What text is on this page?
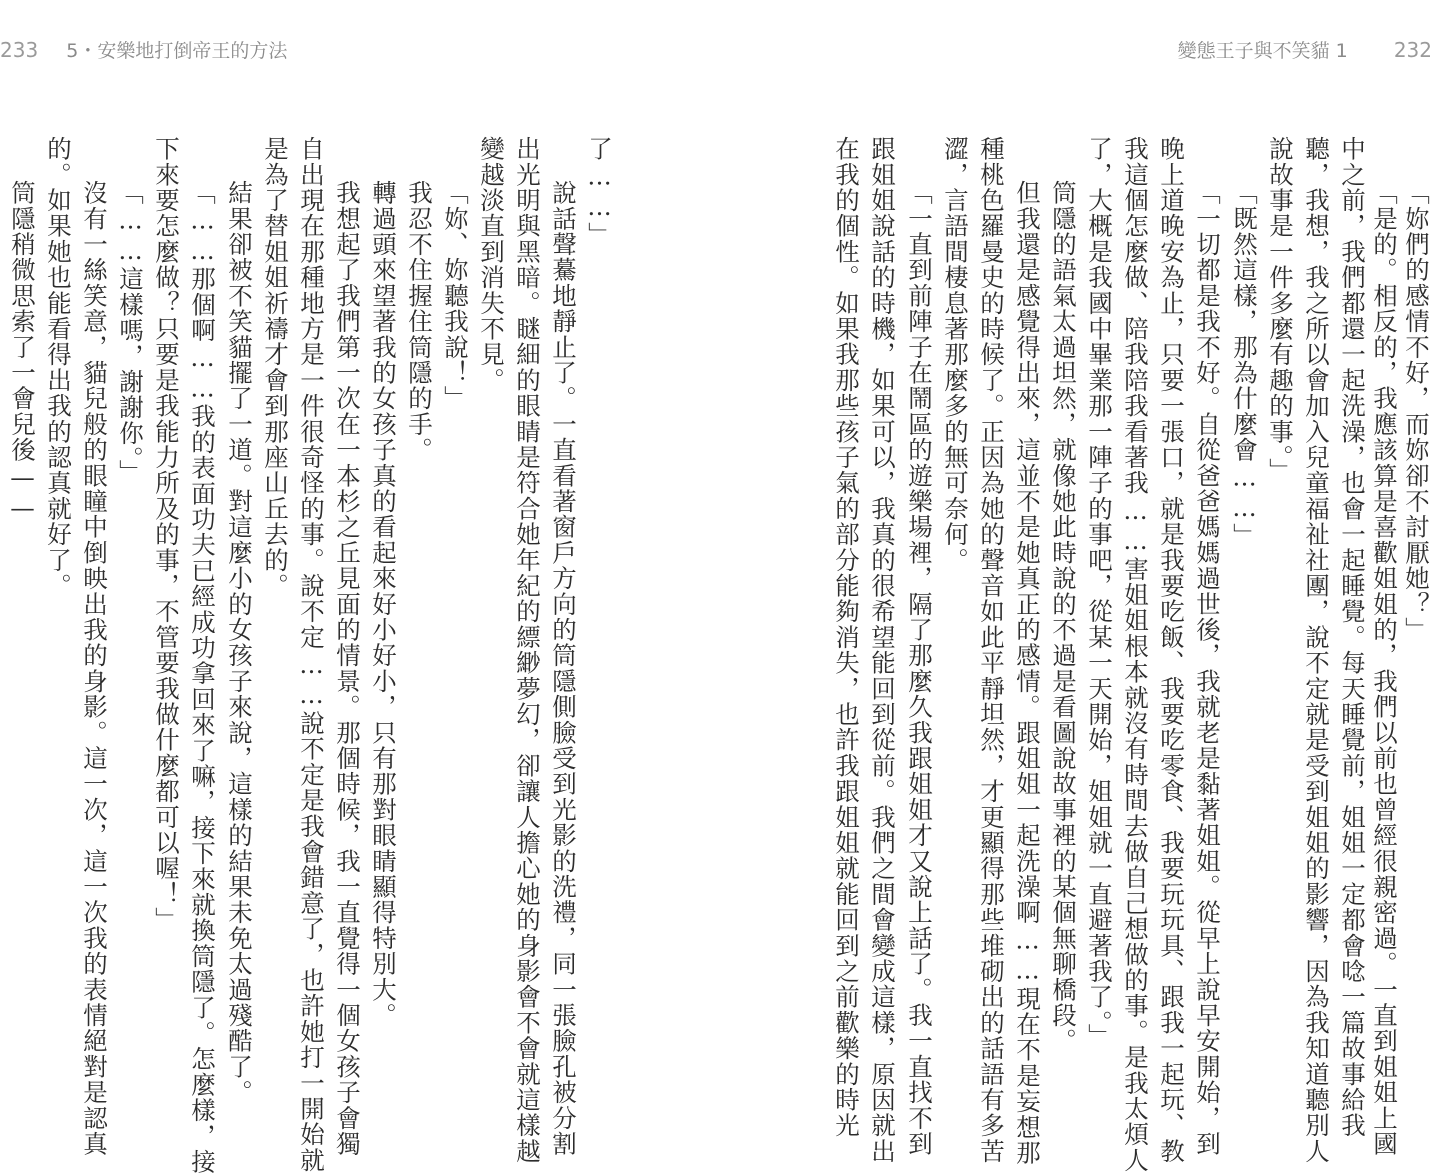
233 5・安樂地打倒帝王的方法	變態王子與不笑貓 1 232
「妳們的感情不好，而妳卻不討厭她？」
「是的。相反的，我應該算是喜歡姐姐的，我們以前也曾經很親密過。一直到姐姐上國
中之前，我們都還一起洗澡，也會一起睡覺。每天睡覺前，姐姐一定都會唸一篇故事給我
聽，我想，我之所以會加入兒童福祉社團，說不定就是受到姐姐的影響，因為我知道聽別人
說故事是一件多麼有趣的事。」
「既然這樣，那為什麼會……」
「一切都是我不好。自從爸爸媽媽過世後，我就老是黏著姐姐。從早上說早安開始，到
晚上道晚安為止，只要一張口，就是我要吃飯、我要吃零食、我要玩玩具、跟我一起玩、教
我這個怎麼做、陪我陪我看著我……害姐姐根本就沒有時間去做自己想做的事。是我太煩人
了，大概是我國中畢業那一陣子的事吧，從某一天開始，姐姐就一直避著我了。」
筒隱的語氣太過坦然，就像她此時說的不過是看圖說故事裡的某個無聊橋段。
但我還是感覺得出來，這並不是她真正的感情。跟姐姐一起洗澡啊……現在不是妄想那
種桃色羅曼史的時候了。正因為她的聲音如此平靜坦然，才更顯得那些堆砌出的話語有多苦
澀，言語間棲息著那麼多的無可奈何。
「一直到前陣子在鬧區的遊樂場裡，隔了那麼久我跟姐姐才又說上話了。我一直找不到
跟姐姐說話的時機，如果可以，我真的很希望能回到從前。我們之間會變成這樣，原因就出
在我的個性。如果我那些孩子氣的部分能夠消失，也許我跟姐姐就能回到之前歡樂的時光
了……」
說話聲驀地靜止了。一直看著窗戶方向的筒隱側臉受到光影的洗禮，同一張臉孔被分割
出光明與黑暗。瞇細的眼睛是符合她年紀的縹緲夢幻，卻讓人擔心她的身影會不會就這樣越
變越淡直到消失不見。
「妳、妳聽我說！」
我忍不住握住筒隱的手。
轉過頭來望著我的女孩子真的看起來好小好小，只有那對眼睛顯得特別大。
我想起了我們第一次在一本杉之丘見面的情景。那個時候，我一直覺得一個女孩子會獨
自出現在那種地方是一件很奇怪的事。說不定……說不定是我會錯意了，也許她打一開始就
是為了替姐姐祈禱才會到那座山丘去的。
結果卻被不笑貓擺了一道。對這麼小的女孩子來說，這樣的結果未免太過殘酷了。
「……那個啊……我的表面功夫已經成功拿回來了嘛，接下來就換筒隱了。怎麼樣，接
下來要怎麼做？只要是我能力所及的事，不管要我做什麼都可以喔！」
「……這樣嗎，謝謝你。」
沒有一絲笑意，貓兒般的眼瞳中倒映出我的身影。這一次，這一次我的表情絕對是認真
的。如果她也能看得出我的認真就好了。
筒隱稍微思索了一會兒後——
